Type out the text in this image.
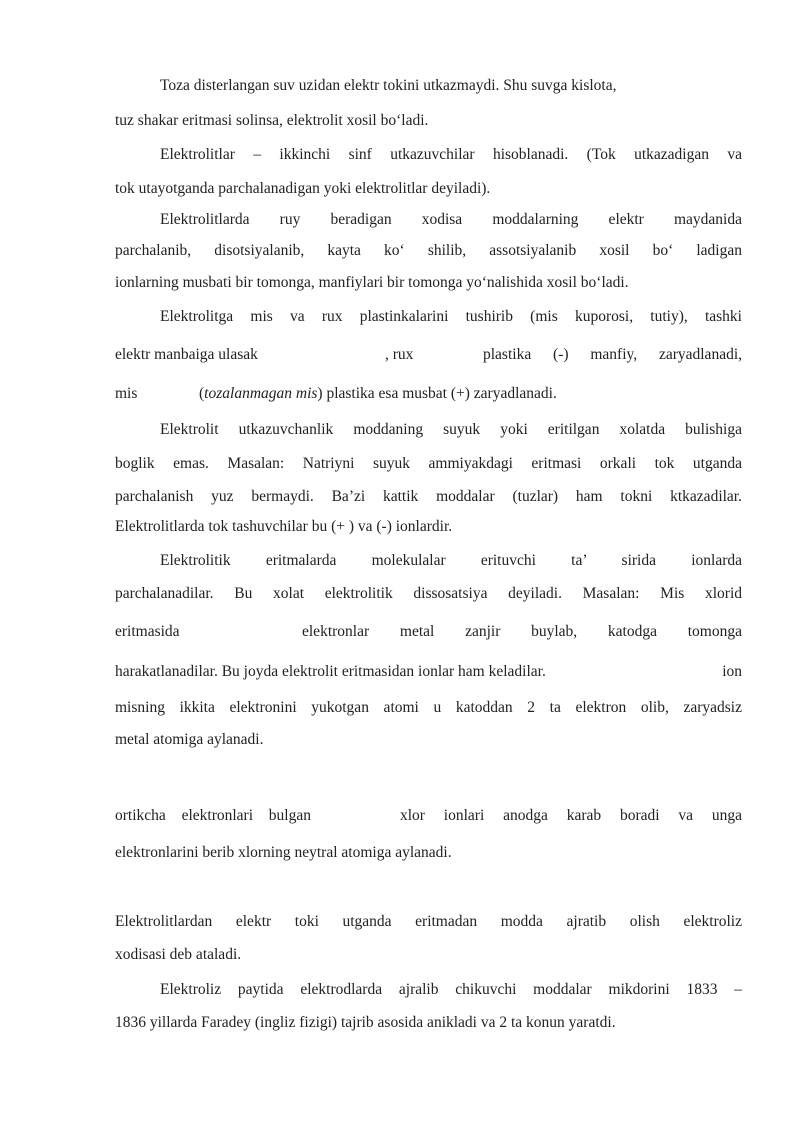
Toza disterlangan suv uzidan elektr tokini utkazmaydi. Shu suvga kislota,
tuz shakar eritmasi solinsa, elektrolit xosil bo‘ladi.
Elektrolitlar – ikkinchi sinf utkazuvchilar hisoblanadi. (Tok utkazadigan va
tok utayotganda parchalanadigan yoki elektrolitlar deyiladi).
Elektrolitlarda ruy beradigan xodisa moddalarning elektr maydanida
parchalanib, disotsiyalanib, kayta ko‘ shilib, assotsiyalanib xosil bo‘ ladigan
ionlarning musbati bir tomonga, manfiylari bir tomonga yo‘nalishida xosil bo‘ladi.
Elektrolitga mis va rux plastinkalarini tushirib (mis kuporosi, tutiy), tashki
elektr manbaiga ulasak	, rux	plastika (-) manfiy, zaryadlanadi,
mis	(tozalanmagan mis) plastika esa musbat (+) zaryadlanadi.
Elektrolit utkazuvchanlik moddaning suyuk yoki eritilgan xolatda bulishiga
boglik emas. Masalan: Natriyni suyuk ammiyakdagi eritmasi orkali tok utganda
parchalanish yuz bermaydi. Ba’zi kattik moddalar (tuzlar) ham tokni ktkazadilar.
Elektrolitlarda tok tashuvchilar bu (+ ) va (-) ionlardir.
Elektrolitik eritmalarda molekulalar erituvchi ta’ sirida ionlarda
parchalanadilar. Bu xolat elektrolitik dissosatsiya deyiladi. Masalan: Mis xlorid
eritmasida	elektronlar metal zanjir buylab, katodga tomonga
harakatlanadilar. Bu joyda elektrolit eritmasidan ionlar ham keladilar.	ion
misning ikkita elektronini yukotgan atomi u katoddan 2 ta elektron olib, zaryadsiz
metal atomiga aylanadi.
ortikcha elektronlari bulgan	xlor ionlari anodga karab boradi va unga
elektronlarini berib xlorning neytral atomiga aylanadi.
Elektrolitlardan elektr toki utganda eritmadan modda ajratib olish elektroliz
xodisasi deb ataladi.
Elektroliz paytida elektrodlarda ajralib chikuvchi moddalar mikdorini 1833 –
1836 yillarda Faradey (ingliz fizigi) tajrib asosida anikladi va 2 ta konun yaratdi.
